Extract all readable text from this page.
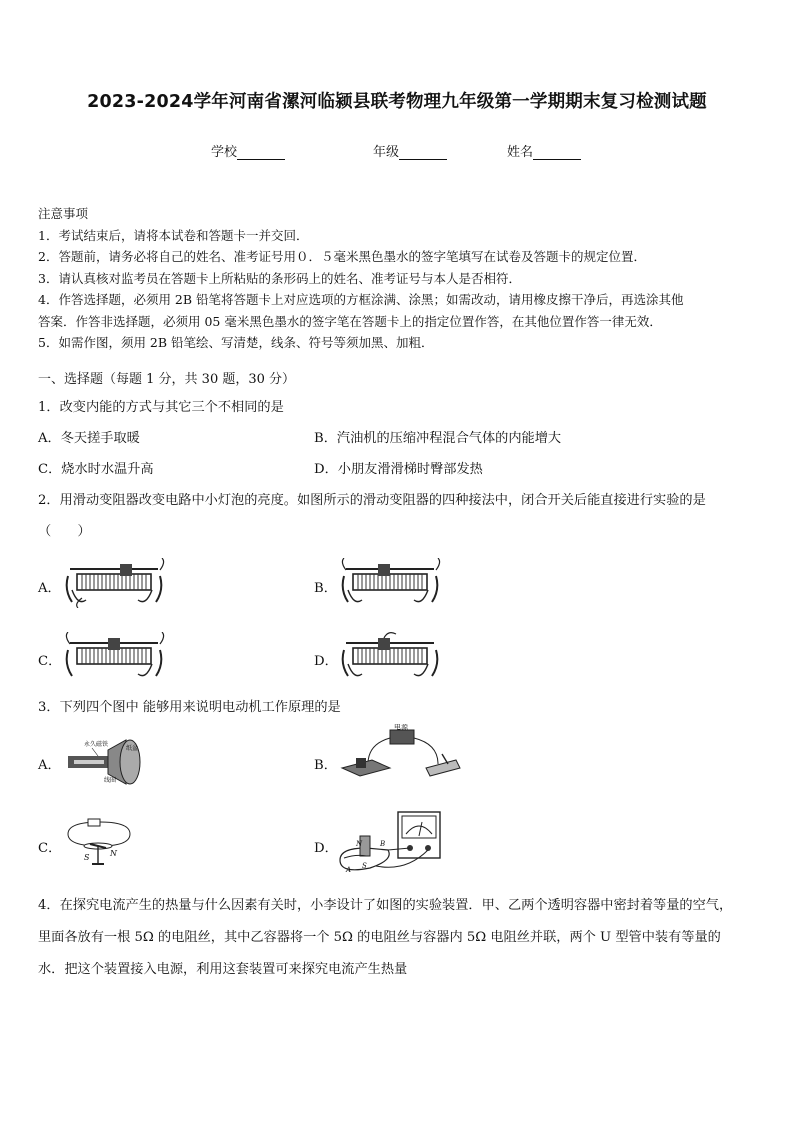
2023-2024学年河南省漯河临颍县联考物理九年级第一学期期末复习检测试题
学校	年级	姓名
注意事项
1．考试结束后，请将本试卷和答题卡一并交回．
2．答题前，请务必将自己的姓名、准考证号用０．５毫米黑色墨水的签字笔填写在试卷及答题卡的规定位置．
3．请认真核对监考员在答题卡上所粘贴的条形码上的姓名、准考证号与本人是否相符．
4．作答选择题，必须用 2B 铅笔将答题卡上对应选项的方框涂满、涂黑；如需改动，请用橡皮擦干净后，再选涂其他
答案．作答非选择题，必须用 05 毫米黑色墨水的签字笔在答题卡上的指定位置作答，在其他位置作答一律无效．
5．如需作图，须用 2B 铅笔绘、写清楚，线条、符号等须加黑、加粗．
一、选择题（每题 1 分，共 30 题，30 分）
1．改变内能的方式与其它三个不相同的是
A．冬天搓手取暖	B．汽油机的压缩冲程混合气体的内能增大
C．烧水时水温升高	D．小朋友滑滑梯时臀部发热
2．用滑动变阻器改变电路中小灯泡的亮度。如图所示的滑动变阻器的四种接法中，闭合开关后能直接进行实验的是
（　　）
A．	B．
C．	D．
3．下列四个图中 能够用来说明电动机工作原理的是
A．	B．
C．	D．
永久磁铁
线圈
纸盆
电源
S	N
N
S
A
B
4．在探究电流产生的热量与什么因素有关时，小李设计了如图的实验装置．甲、乙两个透明容器中密封着等量的空气，
里面各放有一根 5Ω 的电阻丝，其中乙容器将一个 5Ω 的电阻丝与容器内 5Ω 电阻丝并联，两个 U 型管中装有等量的
水．把这个装置接入电源，利用这套装置可来探究电流产生热量
